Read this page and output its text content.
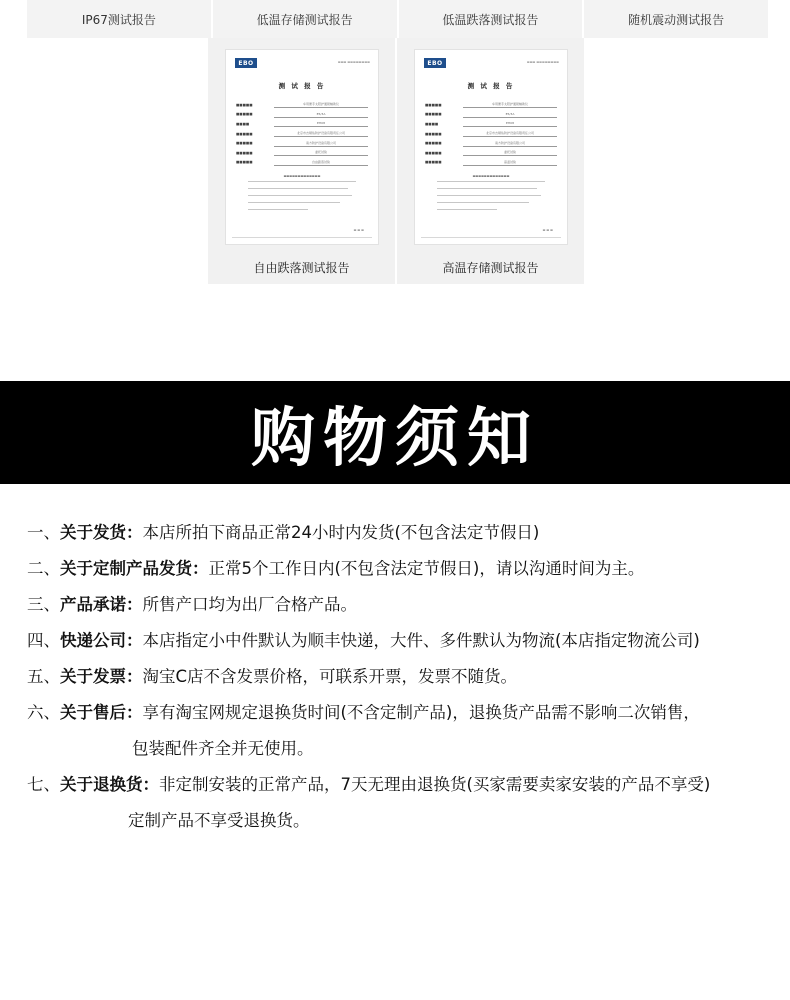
IP67测试报告	低温存储测试报告	低温跌落测试报告	随机震动测试报告
EBO	▬▬▬ ▬▬▬▬▬▬▬▬
测 试 报 告
■■■■■	车用便手太阳护通锁辅助仪
■■■■■	E5/3A
■■■■	EH08
■■■■■	北京市吉顺佑防护设备有限责任公司
■■■■■	南方防护设备有限公司
■■■■■	委托试验
■■■■■	自由跌落试验
▬▬▬▬▬▬▬▬▬▬▬▬▬
▬ ▬ ▬
自由跌落测试报告
EBO	▬▬▬ ▬▬▬▬▬▬▬▬
测 试 报 告
■■■■■	车用便手太阳护通锁辅助仪
■■■■■	E5/3A
■■■■	EH08
■■■■■	北京市吉顺佑防护设备有限责任公司
■■■■■	南方防护设备有限公司
■■■■■	委托试验
■■■■■	高温试验
▬▬▬▬▬▬▬▬▬▬▬▬▬
▬ ▬ ▬
高温存储测试报告
购物须知
一、关于发货：本店所拍下商品正常24小时内发货(不包含法定节假日)
二、关于定制产品发货：正常5个工作日内(不包含法定节假日)，请以沟通时间为主。
三、产品承诺：所售产口均为出厂合格产品。
四、快递公司：本店指定小中件默认为顺丰快递，大件、多件默认为物流(本店指定物流公司)
五、关于发票：淘宝C店不含发票价格，可联系开票，发票不随货。
六、关于售后：享有淘宝网规定退换货时间(不含定制产品)，退换货产品需不影响二次销售，
包装配件齐全并无使用。
七、关于退换货：非定制安装的正常产品，7天无理由退换货(买家需要卖家安装的产品不享受)
定制产品不享受退换货。
